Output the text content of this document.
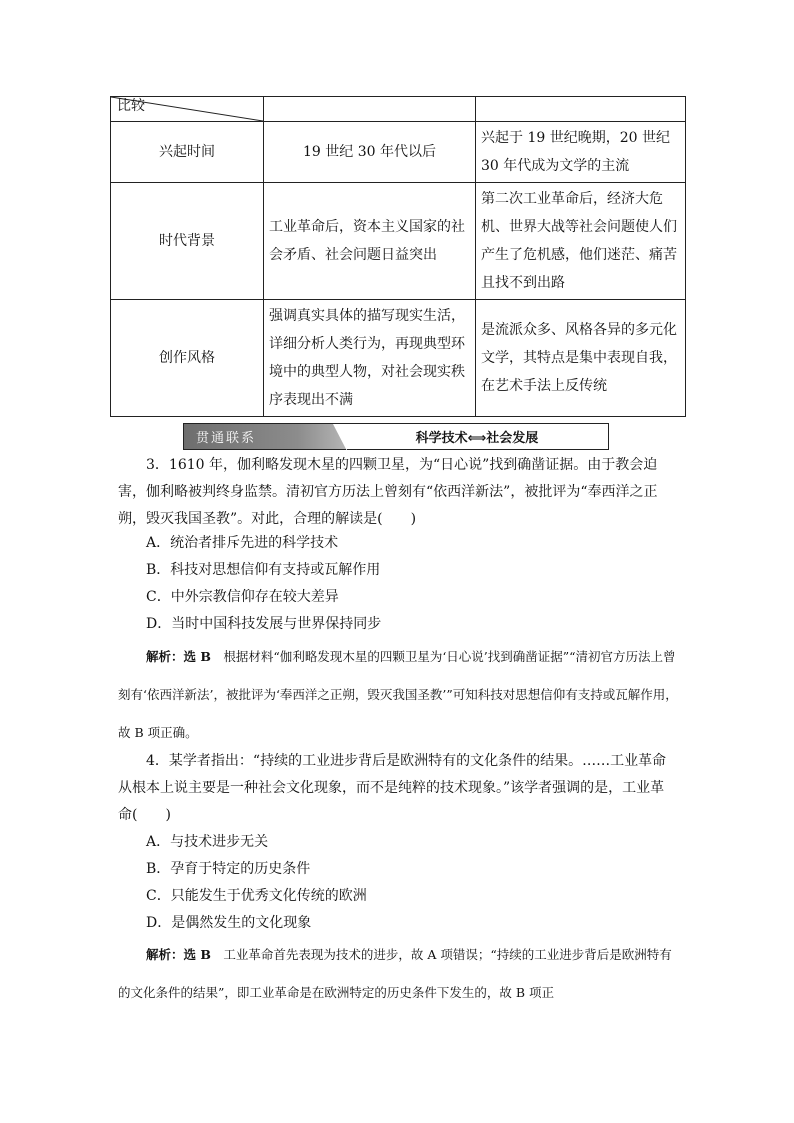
比较		

兴起时间	19 世纪 30 年代以后	兴起于 19 世纪晚期，20 世纪 30 年代成为文学的主流
时代背景	工业革命后，资本主义国家的社会矛盾、社会问题日益突出	第二次工业革命后，经济大危机、世界大战等社会问题使人们产生了危机感，他们迷茫、痛苦且找不到出路
创作风格	强调真实具体的描写现实生活，详细分析人类行为，再现典型环境中的典型人物，对社会现实秩序表现出不满	是流派众多、风格各异的多元化文学，其特点是集中表现自我，在艺术手法上反传统
贯通联系	科学技术⟺社会发展
3．1610 年，伽利略发现木星的四颗卫星，为“日心说”找到确凿证据。由于教会迫害，伽利略被判终身监禁。清初官方历法上曾刻有“依西洋新法”，被批评为“奉西洋之正朔，毁灭我国圣教”。对此，合理的解读是(　　)
A．统治者排斥先进的科学技术
B．科技对思想信仰有支持或瓦解作用
C．中外宗教信仰存在较大差异
D．当时中国科技发展与世界保持同步
解析：选 B　根据材料“伽利略发现木星的四颗卫星为‘日心说’找到确凿证据”“清初官方历法上曾刻有‘依西洋新法’，被批评为‘奉西洋之正朔，毁灭我国圣教’”可知科技对思想信仰有支持或瓦解作用，故 B 项正确。
4．某学者指出：“持续的工业进步背后是欧洲特有的文化条件的结果。……工业革命从根本上说主要是一种社会文化现象，而不是纯粹的技术现象。”该学者强调的是，工业革命(　　)
A．与技术进步无关
B．孕育于特定的历史条件
C．只能发生于优秀文化传统的欧洲
D．是偶然发生的文化现象
解析：选 B　工业革命首先表现为技术的进步，故 A 项错误；“持续的工业进步背后是欧洲特有的文化条件的结果”，即工业革命是在欧洲特定的历史条件下发生的，故 B 项正
